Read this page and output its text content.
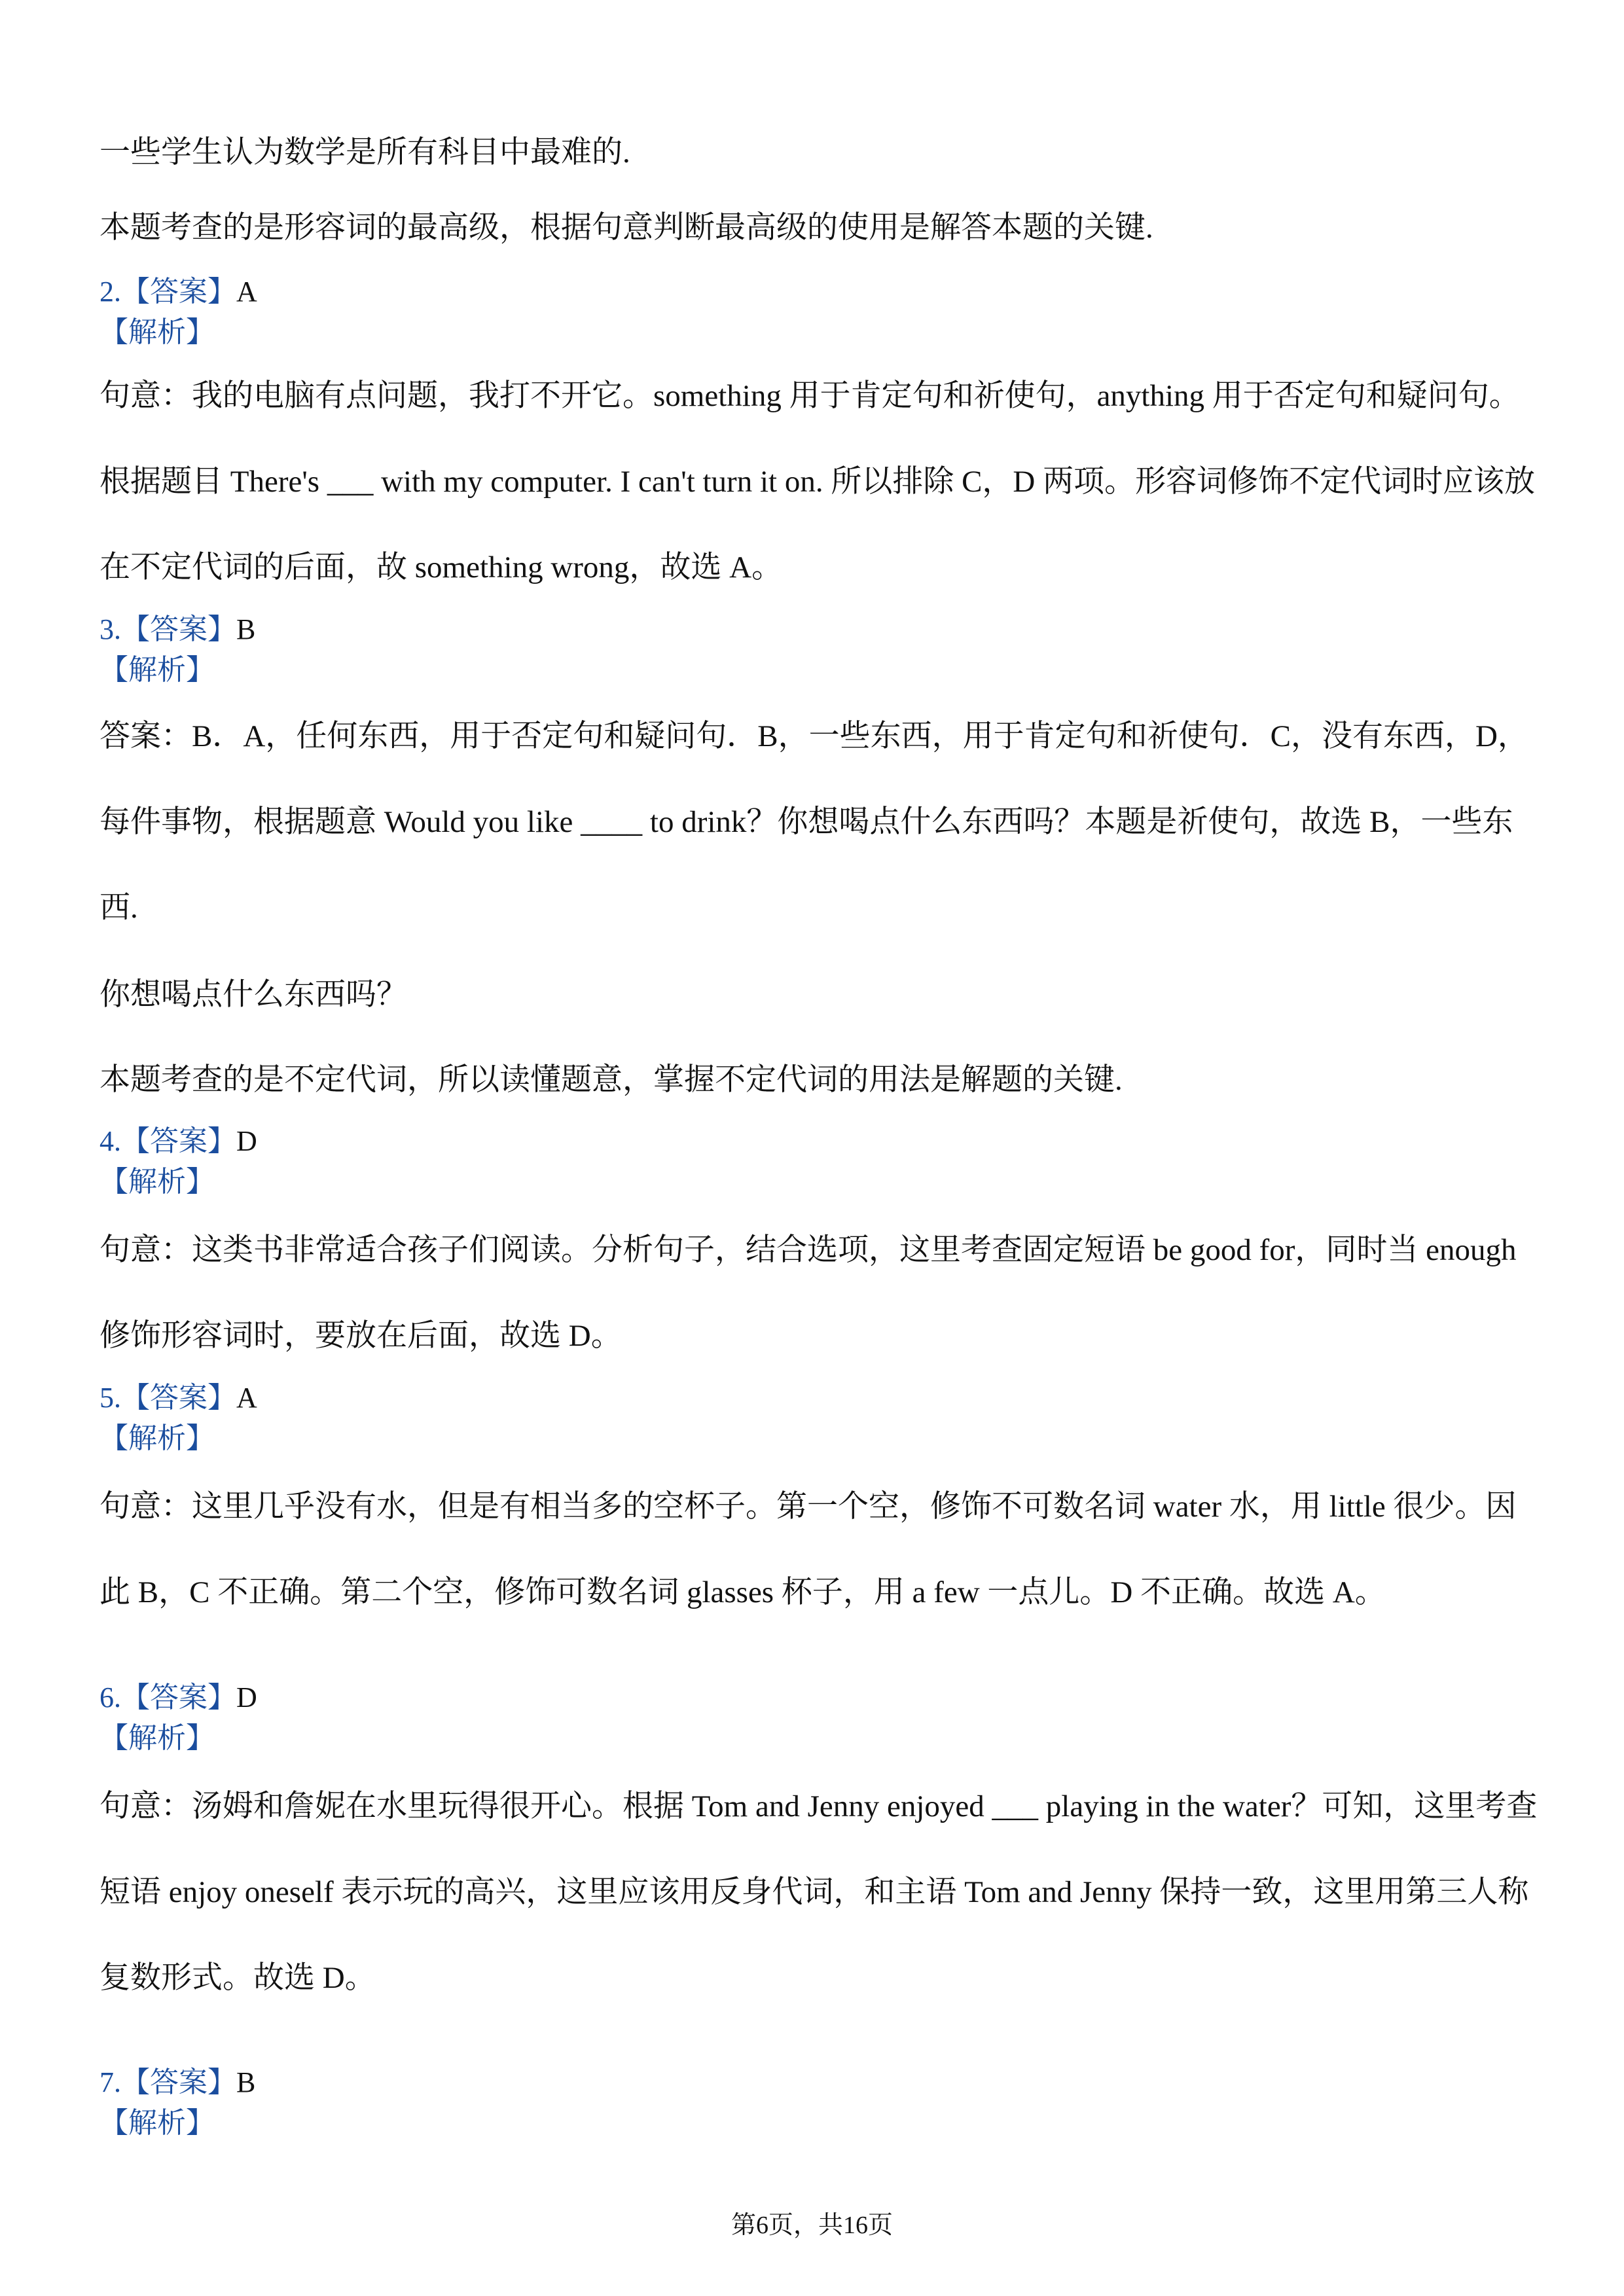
一些学生认为数学是所有科目中最难的.

本题考查的是形容词的最高级，根据句意判断最高级的使用是解答本题的关键.

2.【答案】A

【解析】

句意：我的电脑有点问题，我打不开它。something 用于肯定句和祈使句，anything 用于否定句和疑问句。根据题目 There's ___ with my computer. I can't turn it on. 所以排除 C，D 两项。形容词修饰不定代词时应该放在不定代词的后面，故 something wrong，故选 A。

3.【答案】B

【解析】

答案：B．A，任何东西，用于否定句和疑问句．B，一些东西，用于肯定句和祈使句．C，没有东西，D，每件事物，根据题意 Would you like ____ to drink？你想喝点什么东西吗？本题是祈使句，故选 B，一些东西.

你想喝点什么东西吗？

本题考查的是不定代词，所以读懂题意，掌握不定代词的用法是解题的关键.

4.【答案】D

【解析】

句意：这类书非常适合孩子们阅读。分析句子，结合选项，这里考查固定短语 be good for，同时当 enough 修饰形容词时，要放在后面，故选 D。

5.【答案】A

【解析】

句意：这里几乎没有水，但是有相当多的空杯子。第一个空，修饰不可数名词 water 水，用 little 很少。因此 B，C 不正确。第二个空，修饰可数名词 glasses 杯子，用 a few 一点儿。D 不正确。故选 A。

6.【答案】D

【解析】

句意：汤姆和詹妮在水里玩得很开心。根据 Tom and Jenny enjoyed ___ playing in the water？可知，这里考查短语 enjoy oneself 表示玩的高兴，这里应该用反身代词，和主语 Tom and Jenny 保持一致，这里用第三人称复数形式。故选 D。

7.【答案】B

【解析】

第6页，共16页
